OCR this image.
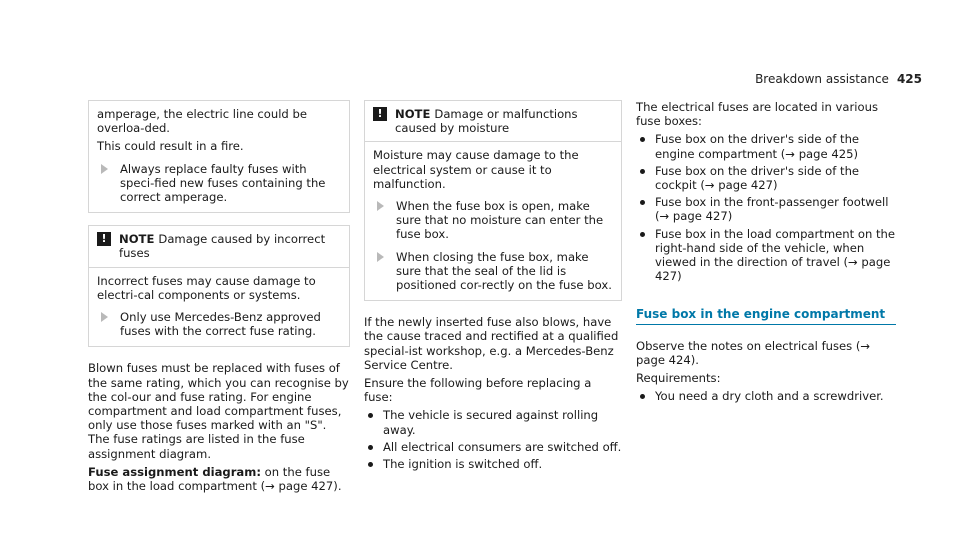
Breakdown assistance 425

amperage, the electric line could be overloa-ded.

This could result in a fire.

Always replace faulty fuses with speci-fied new fuses containing the correct amperage.
!	NOTE Damage caused by incorrect fuses

Incorrect fuses may cause damage to electri-cal components or systems.

Only use Mercedes-Benz approved fuses with the correct fuse rating.

Blown fuses must be replaced with fuses of the same rating, which you can recognise by the col-our and fuse rating. For engine compartment and load compartment fuses, only use those fuses marked with an "S". The fuse ratings are listed in the fuse assignment diagram.

Fuse assignment diagram: on the fuse box in the load compartment (→ page 427).

!	NOTE Damage or malfunctions caused by moisture

Moisture may cause damage to the electrical system or cause it to malfunction.

When the fuse box is open, make sure that no moisture can enter the fuse box.
When closing the fuse box, make sure that the seal of the lid is positioned cor-rectly on the fuse box.

If the newly inserted fuse also blows, have the cause traced and rectified at a qualified special-ist workshop, e.g. a Mercedes-Benz Service Centre.

Ensure the following before replacing a fuse:

The vehicle is secured against rolling away.
All electrical consumers are switched off.
The ignition is switched off.

The electrical fuses are located in various fuse boxes:

Fuse box on the driver's side of the engine compartment (→ page 425)
Fuse box on the driver's side of the cockpit (→ page 427)
Fuse box in the front-passenger footwell (→ page 427)
Fuse box in the load compartment on the right-hand side of the vehicle, when viewed in the direction of travel (→ page 427)
Fuse box in the engine compartment

Observe the notes on electrical fuses (→ page 424).

Requirements:

You need a dry cloth and a screwdriver.
